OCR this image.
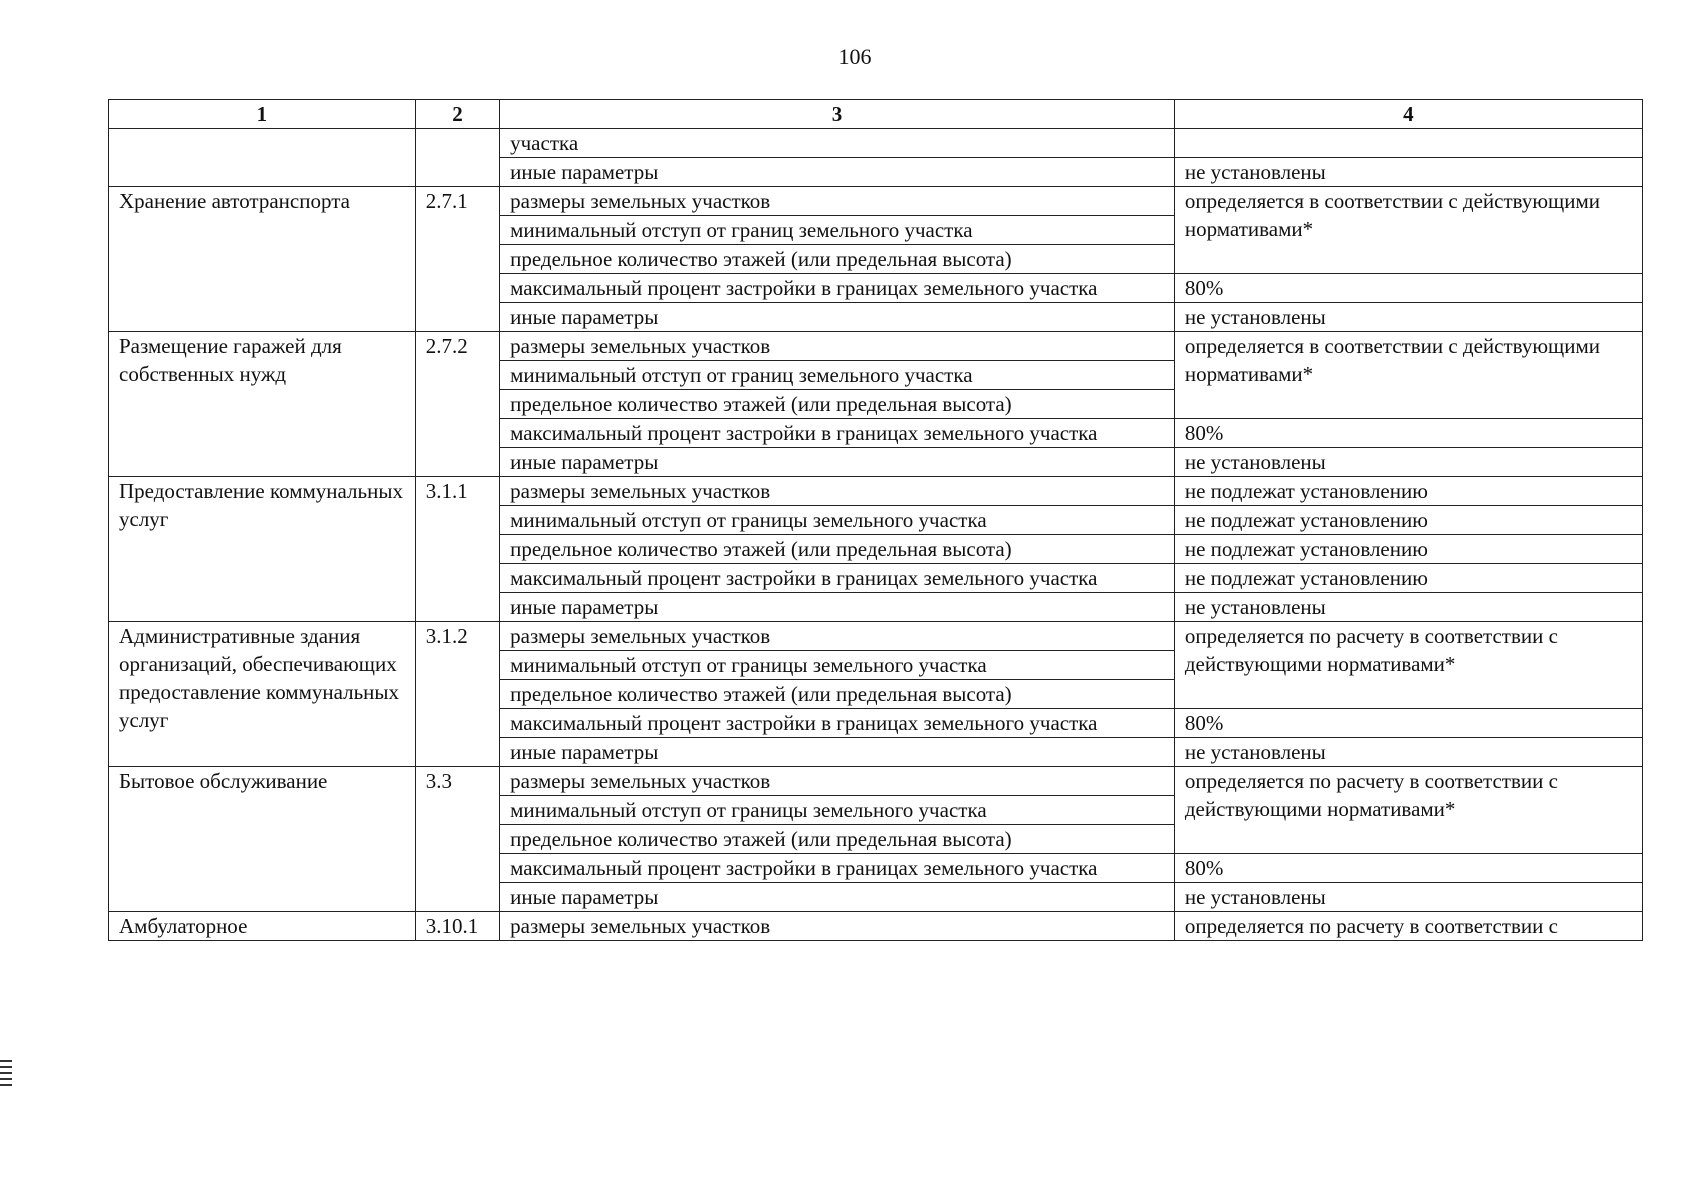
106
1	2	3	4
		участка	
		иные параметры	не установлены
Хранение автотранспорта	2.7.1	размеры земельных участков	определяется в соответствии с действующими нормативами*
		минимальный отступ от границ земельного участка	
		предельное количество этажей (или предельная высота)	
		максимальный процент застройки в границах земельного участка	80%
		иные параметры	не установлены
Размещение гаражей для собственных нужд	2.7.2	размеры земельных участков	определяется в соответствии с действующими нормативами*
		минимальный отступ от границ земельного участка	
		предельное количество этажей (или предельная высота)	
		максимальный процент застройки в границах земельного участка	80%
		иные параметры	не установлены
Предоставление коммунальных услуг	3.1.1	размеры земельных участков	не подлежат установлению
		минимальный отступ от границы земельного участка	не подлежат установлению
		предельное количество этажей (или предельная высота)	не подлежат установлению
		максимальный процент застройки в границах земельного участка	не подлежат установлению
		иные параметры	не установлены
Административные здания организаций, обеспечивающих предоставление коммунальных услуг	3.1.2	размеры земельных участков	определяется по расчету в соответствии с действующими нормативами*
		минимальный отступ от границы земельного участка	
		предельное количество этажей (или предельная высота)	
		максимальный процент застройки в границах земельного участка	80%
		иные параметры	не установлены
Бытовое обслуживание	3.3	размеры земельных участков	определяется по расчету в соответствии с действующими нормативами*
		минимальный отступ от границы земельного участка	
		предельное количество этажей (или предельная высота)	
		максимальный процент застройки в границах земельного участка	80%
		иные параметры	не установлены
Амбулаторное	3.10.1	размеры земельных участков	определяется по расчету в соответствии с
